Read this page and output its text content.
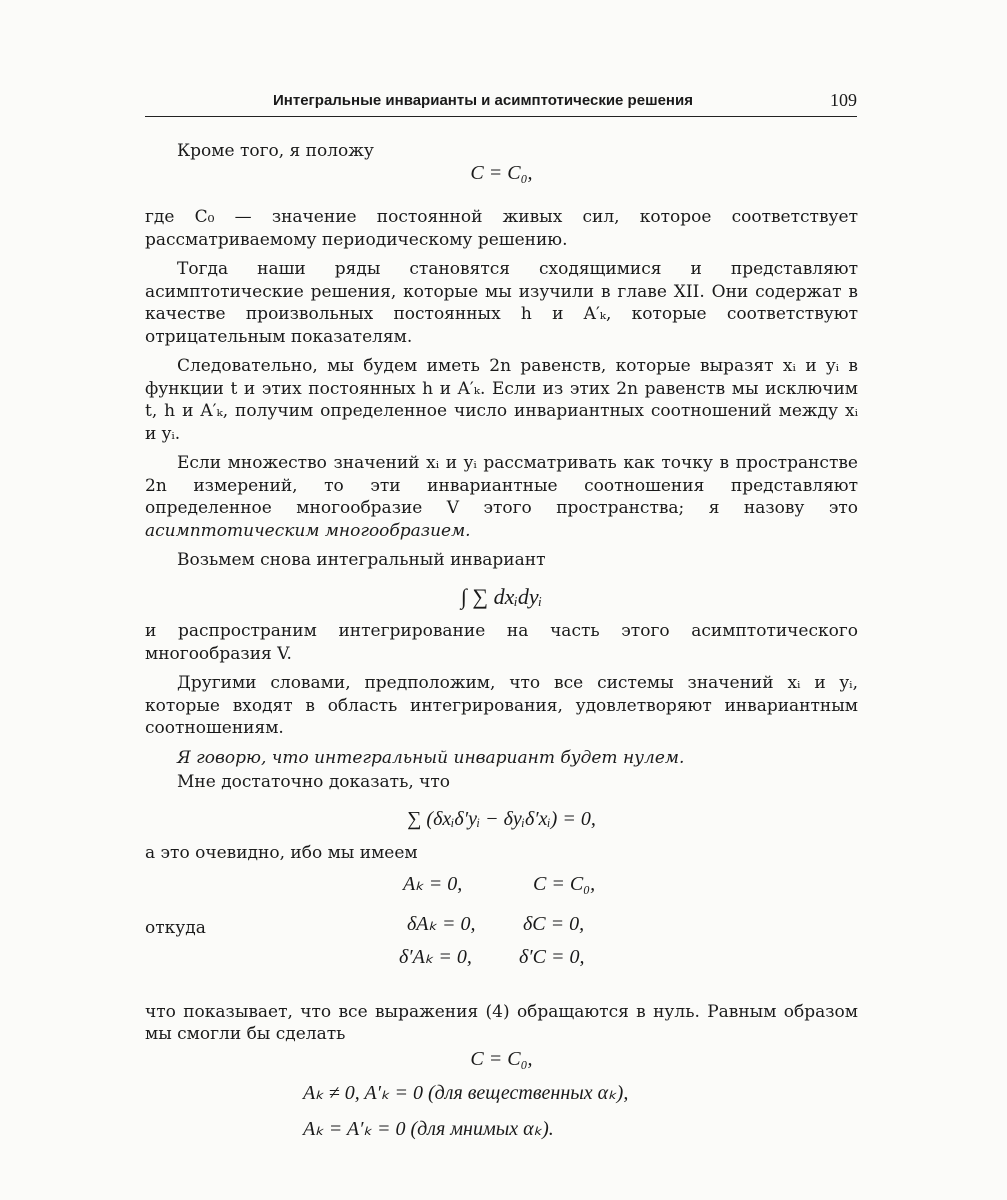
Интегральные инварианты и асимптотические решения	109

Кроме того, я положу

C = C₀,

где C₀ — значение постоянной живых сил, которое соответствует рассматриваемому периодическому решению.

Тогда наши ряды становятся сходящимися и представляют асимптотические решения, которые мы изучили в главе XII. Они содержат в качестве произвольных постоянных h и A′ₖ, которые соответствуют отрицательным показателям.

Следовательно, мы будем иметь 2n равенств, которые выразят xᵢ и yᵢ в функции t и этих постоянных h и A′ₖ. Если из этих 2n равенств мы исключим t, h и A′ₖ, получим определенное число инвариантных соотношений между xᵢ и yᵢ.

Если множество значений xᵢ и yᵢ рассматривать как точку в пространстве 2n измерений, то эти инвариантные соотношения представляют определенное многообразие V этого пространства; я назову это асимптотическим многообразием.

Возьмем снова интегральный инвариант

∫ ∑ dxᵢdyᵢ

и распространим интегрирование на часть этого асимптотического многообразия V.

Другими словами, предположим, что все системы значений xᵢ и yᵢ, которые входят в область интегрирования, удовлетворяют инвариантным соотношениям.

Я говорю, что интегральный инвариант будет нулем.

Мне достаточно доказать, что

∑ (δxᵢδ′yᵢ − δyᵢδ′xᵢ) = 0,

а это очевидно, ибо мы имеем

откуда
Aₖ = 0,	C = C₀,
δAₖ = 0, δC = 0,
δ′Aₖ = 0, δ′C = 0,

что показывает, что все выражения (4) обращаются в нуль. Равным образом мы смогли бы сделать

C = C₀,
Aₖ ≠ 0, A′ₖ = 0 (для вещественных αₖ),
Aₖ = A′ₖ = 0 (для мнимых αₖ).
